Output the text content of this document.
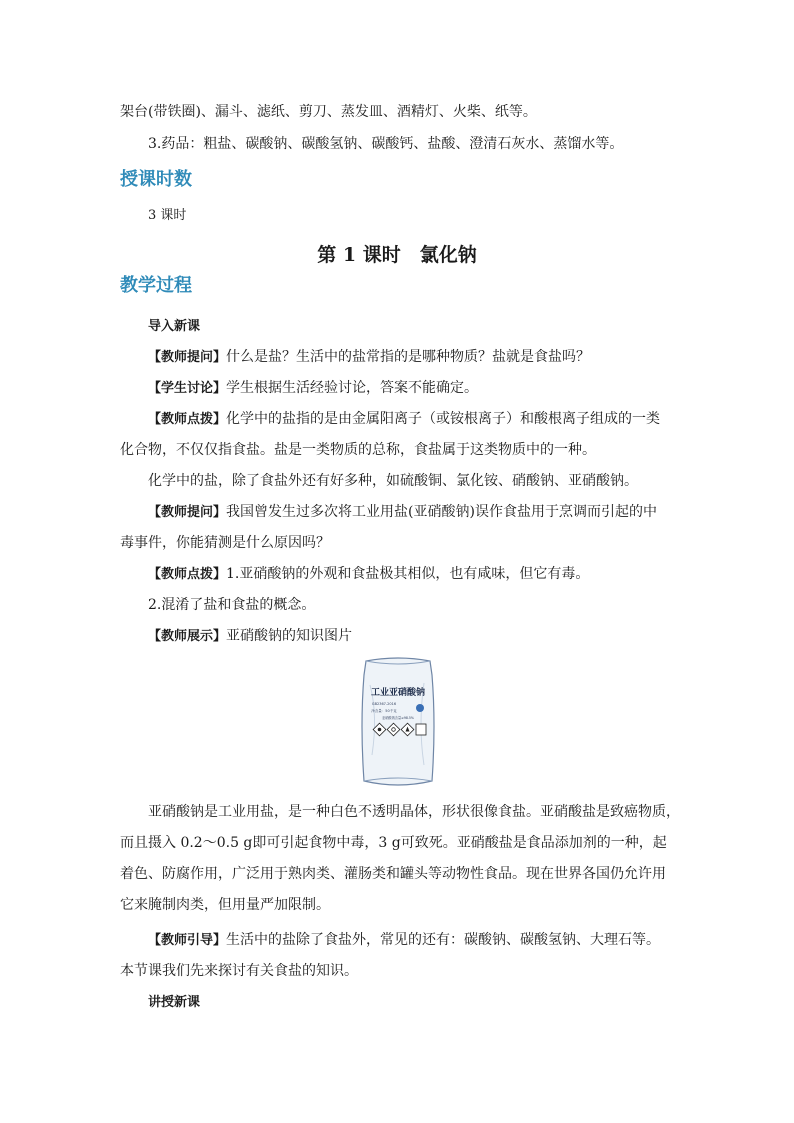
架台(带铁圈)、漏斗、滤纸、剪刀、蒸发皿、酒精灯、火柴、纸等。
3.药品：粗盐、碳酸钠、碳酸氢钠、碳酸钙、盐酸、澄清石灰水、蒸馏水等。
授课时数
3 课时
第 1 课时　氯化钠
教学过程
导入新课
【教师提问】什么是盐？生活中的盐常指的是哪种物质？盐就是食盐吗？
【学生讨论】学生根据生活经验讨论，答案不能确定。
【教师点拨】化学中的盐指的是由金属阳离子（或铵根离子）和酸根离子组成的一类
化合物，不仅仅指食盐。盐是一类物质的总称，食盐属于这类物质中的一种。
化学中的盐，除了食盐外还有好多种，如硫酸铜、氯化铵、硝酸钠、亚硝酸钠。
【教师提问】我国曾发生过多次将工业用盐(亚硝酸钠)误作食盐用于烹调而引起的中
毒事件，你能猜测是什么原因吗？
【教师点拨】1.亚硝酸钠的外观和食盐极其相似，也有咸味，但它有毒。
2.混淆了盐和食盐的概念。
【教师展示】亚硝酸钠的知识图片
工业亚硝酸钠
GB2367-2016
净含量：50千克
亚硝酸钠含量≥98.5%
亚硝酸钠是工业用盐，是一种白色不透明晶体，形状很像食盐。亚硝酸盐是致癌物质，
而且摄入 0.2～0.5 g即可引起食物中毒，3 g可致死。亚硝酸盐是食品添加剂的一种，起
着色、防腐作用，广泛用于熟肉类、灌肠类和罐头等动物性食品。现在世界各国仍允许用
它来腌制肉类，但用量严加限制。
【教师引导】生活中的盐除了食盐外，常见的还有：碳酸钠、碳酸氢钠、大理石等。
本节课我们先来探讨有关食盐的知识。
讲授新课
